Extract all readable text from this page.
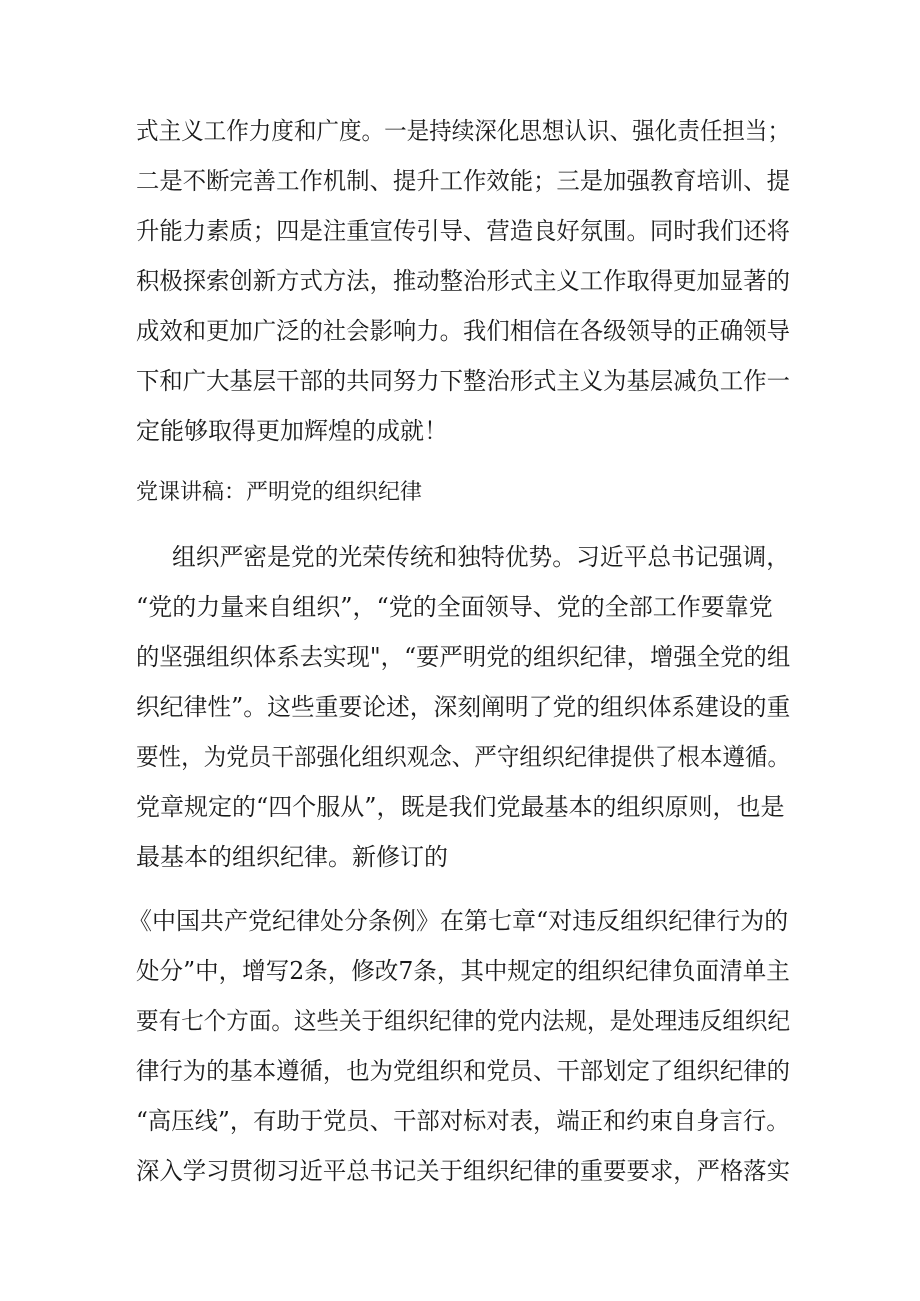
式主义工作力度和广度。一是持续深化思想认识、强化责任担当；
二是不断完善工作机制、提升工作效能；三是加强教育培训、提
升能力素质；四是注重宣传引导、营造良好氛围。同时我们还将
积极探索创新方式方法，推动整治形式主义工作取得更加显著的
成效和更加广泛的社会影响力。我们相信在各级领导的正确领导
下和广大基层干部的共同努力下整治形式主义为基层减负工作一
定能够取得更加辉煌的成就！
党课讲稿：严明党的组织纪律
组织严密是党的光荣传统和独特优势。习近平总书记强调，
“党的力量来自组织”，“党的全面领导、党的全部工作要靠党
的坚强组织体系去实现"，“要严明党的组织纪律，增强全党的组
织纪律性”。这些重要论述，深刻阐明了党的组织体系建设的重
要性，为党员干部强化组织观念、严守组织纪律提供了根本遵循。
党章规定的“四个服从”，既是我们党最基本的组织原则，也是
最基本的组织纪律。新修订的
《中国共产党纪律处分条例》在第七章“对违反组织纪律行为的
处分”中，增写2条，修改7条，其中规定的组织纪律负面清单主
要有七个方面。这些关于组织纪律的党内法规，是处理违反组织纪
律行为的基本遵循，也为党组织和党员、干部划定了组织纪律的
“高压线”，有助于党员、干部对标对表，端正和约束自身言行。
深入学习贯彻习近平总书记关于组织纪律的重要要求，严格落实
